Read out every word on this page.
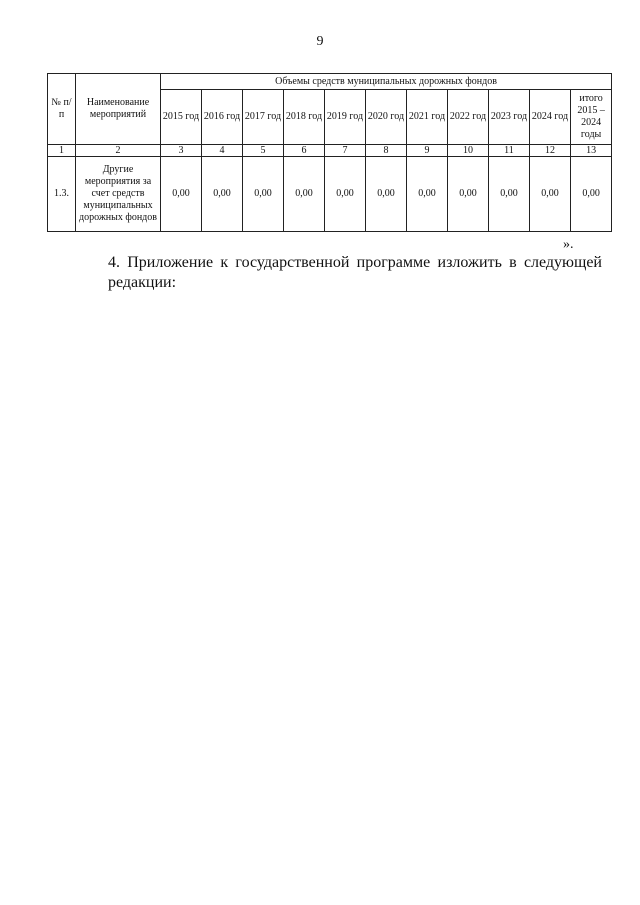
9
№ п/п	Наименование мероприятий	Объемы средств муниципальных дорожных фондов										

		2015 год	2016 год	2017 год	2018 год	2019 год	2020 год	2021 год	2022 год	2023 год	2024 год	итого 2015 – 2024 годы

1	2	3	4	5	6	7	8	9	10	11	12	13
1.3.	Другие мероприятия за счет средств муниципальных дорожных фондов	0,00	0,00	0,00	0,00	0,00	0,00	0,00	0,00	0,00	0,00	0,00
».
4. Приложение к государственной программе изложить в следующей
редакции:
